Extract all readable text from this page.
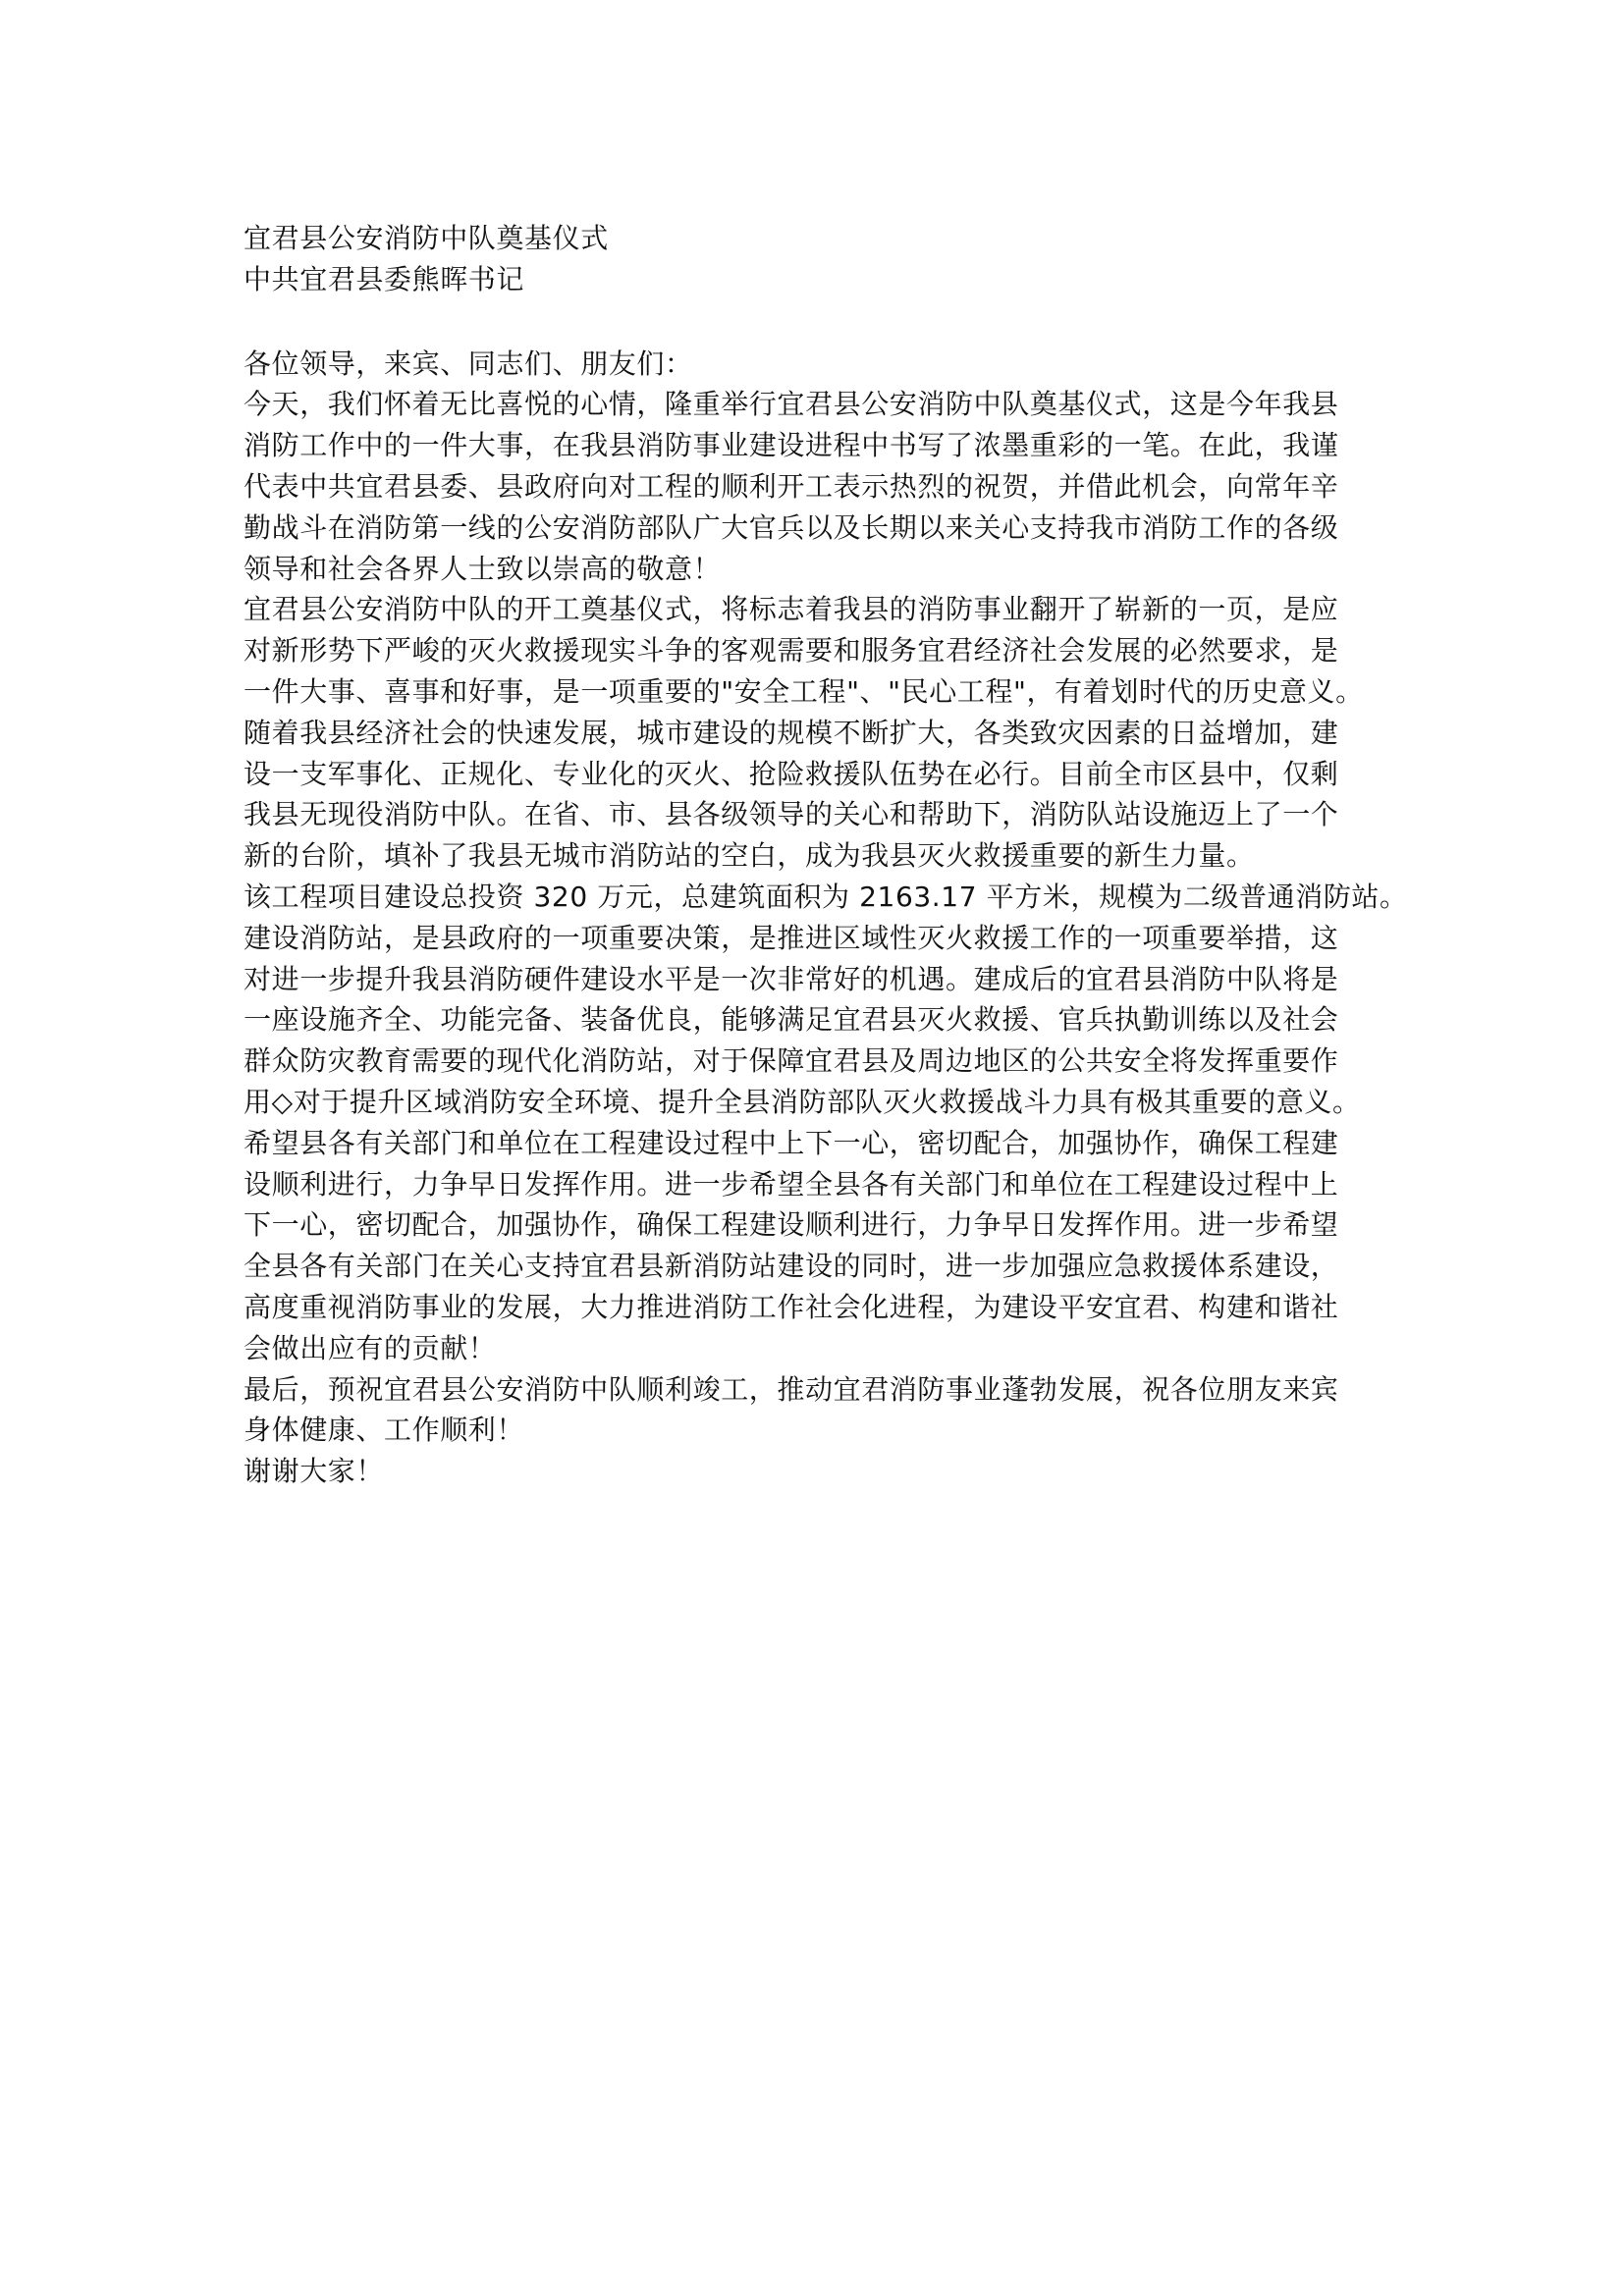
宜君县公安消防中队奠基仪式
中共宜君县委熊晖书记
各位领导，来宾、同志们、朋友们：
今天，我们怀着无比喜悦的心情，隆重举行宜君县公安消防中队奠基仪式，这是今年我县
消防工作中的一件大事，在我县消防事业建设进程中书写了浓墨重彩的一笔。在此，我谨
代表中共宜君县委、县政府向对工程的顺利开工表示热烈的祝贺，并借此机会，向常年辛
勤战斗在消防第一线的公安消防部队广大官兵以及长期以来关心支持我市消防工作的各级
领导和社会各界人士致以崇高的敬意！
宜君县公安消防中队的开工奠基仪式，将标志着我县的消防事业翻开了崭新的一页，是应
对新形势下严峻的灭火救援现实斗争的客观需要和服务宜君经济社会发展的必然要求，是
一件大事、喜事和好事，是一项重要的"安全工程"、"民心工程"，有着划时代的历史意义。
随着我县经济社会的快速发展，城市建设的规模不断扩大，各类致灾因素的日益增加，建
设一支军事化、正规化、专业化的灭火、抢险救援队伍势在必行。目前全市区县中，仅剩
我县无现役消防中队。在省、市、县各级领导的关心和帮助下，消防队站设施迈上了一个
新的台阶，填补了我县无城市消防站的空白，成为我县灭火救援重要的新生力量。
该工程项目建设总投资 320 万元，总建筑面积为 2163.17 平方米，规模为二级普通消防站。
建设消防站，是县政府的一项重要决策，是推进区域性灭火救援工作的一项重要举措，这
对进一步提升我县消防硬件建设水平是一次非常好的机遇。建成后的宜君县消防中队将是
一座设施齐全、功能完备、装备优良，能够满足宜君县灭火救援、官兵执勤训练以及社会
群众防灾教育需要的现代化消防站，对于保障宜君县及周边地区的公共安全将发挥重要作
用◇对于提升区域消防安全环境、提升全县消防部队灭火救援战斗力具有极其重要的意义。
希望县各有关部门和单位在工程建设过程中上下一心，密切配合，加强协作，确保工程建
设顺利进行，力争早日发挥作用。进一步希望全县各有关部门和单位在工程建设过程中上
下一心，密切配合，加强协作，确保工程建设顺利进行，力争早日发挥作用。进一步希望
全县各有关部门在关心支持宜君县新消防站建设的同时，进一步加强应急救援体系建设，
高度重视消防事业的发展，大力推进消防工作社会化进程，为建设平安宜君、构建和谐社
会做出应有的贡献！
最后，预祝宜君县公安消防中队顺利竣工，推动宜君消防事业蓬勃发展，祝各位朋友来宾
身体健康、工作顺利！
谢谢大家！
